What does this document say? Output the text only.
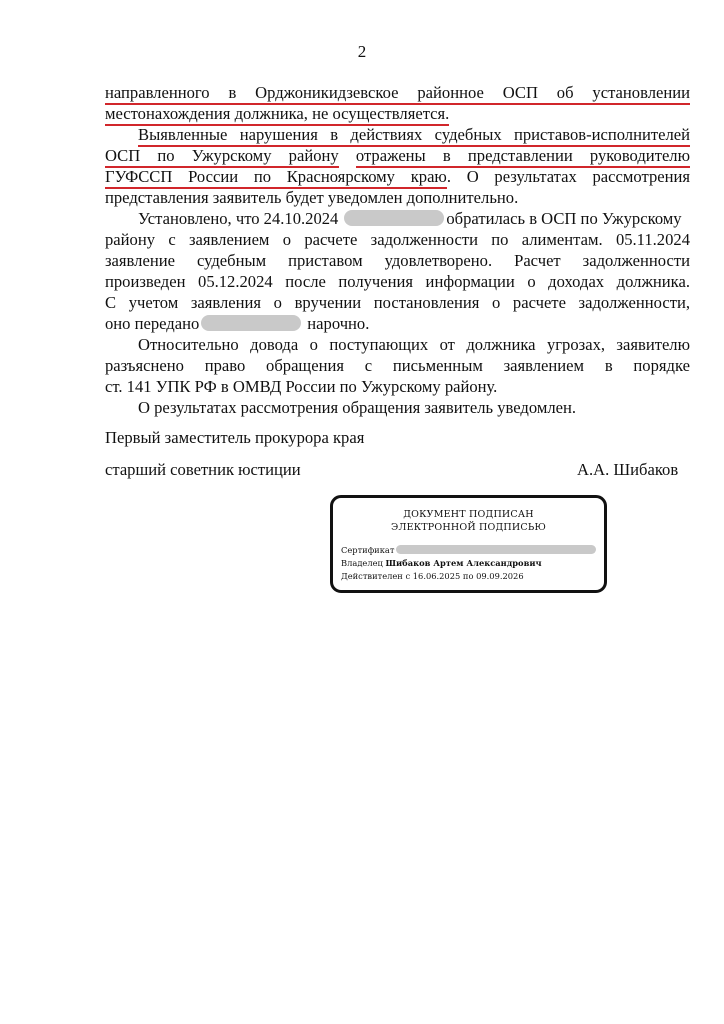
2
направленного в Орджоникидзевское районное ОСП об установлении
местонахождения должника, не осуществляется.
Выявленные нарушения в действиях судебных приставов-исполнителей
ОСП по Ужурскому району отражены в представлении руководителю
ГУФССП России по Красноярскому краю. О результатах рассмотрения
представления заявитель будет уведомлен дополнительно.
Установлено, что 24.10.2024	обратилась в ОСП по Ужурскому
району с заявлением о расчете задолженности по алиментам. 05.11.2024
заявление судебным приставом удовлетворено. Расчет задолженности
произведен 05.12.2024 после получения информации о доходах должника.
С учетом заявления о вручении постановления о расчете задолженности,
оно передано	нарочно.
Относительно довода о поступающих от должника угрозах, заявителю
разъяснено право обращения с письменным заявлением в порядке
ст. 141 УПК РФ в ОМВД России по Ужурскому району.
О результатах рассмотрения обращения заявитель уведомлен.
Первый заместитель прокурора края
старший советник юстиции	А.А. Шибаков
ДОКУМЕНТ ПОДПИСАН
ЭЛЕКТРОННОЙ ПОДПИСЬЮ
Сертификат
Владелец Шибаков Артем Александрович
Действителен с 16.06.2025 по 09.09.2026
